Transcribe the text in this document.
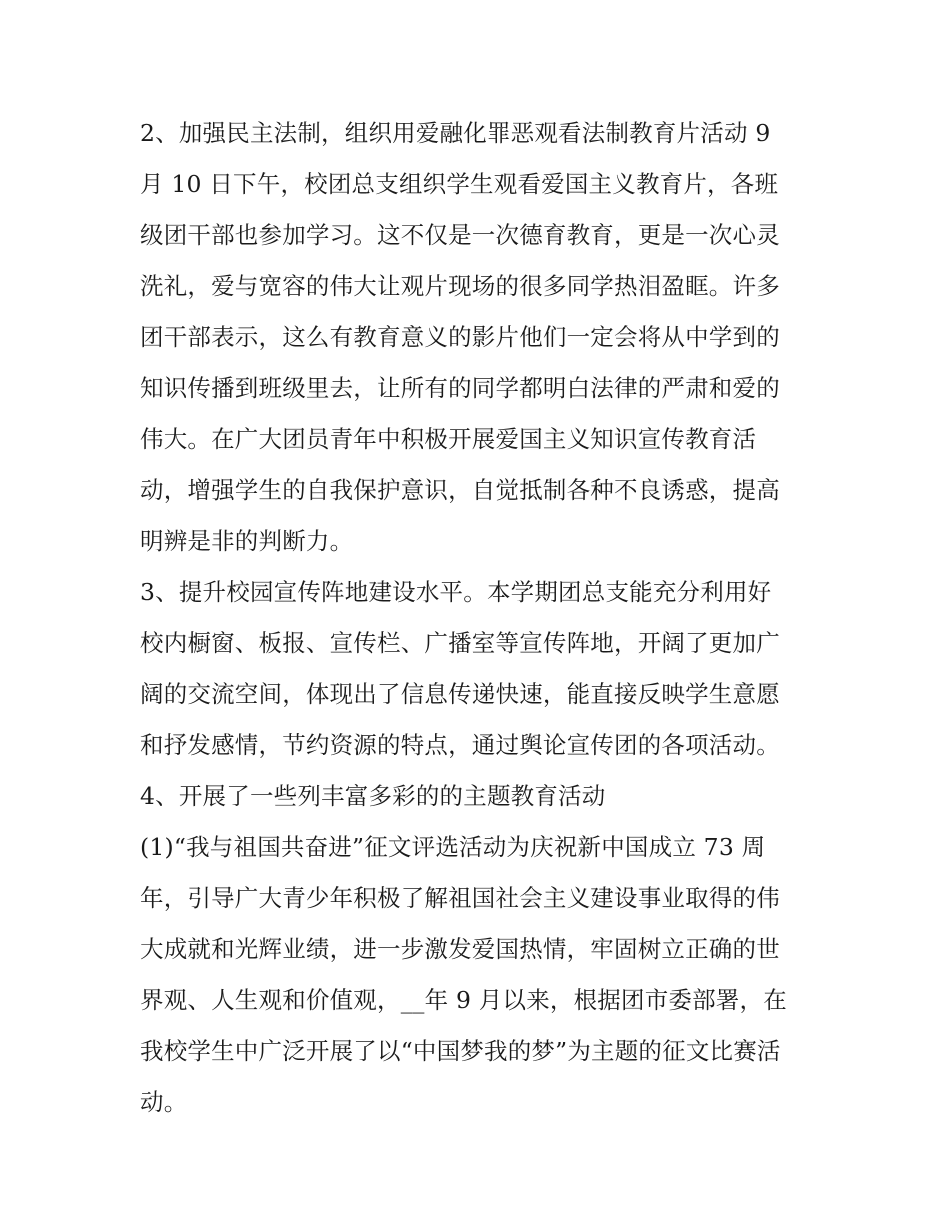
2、加强民主法制，组织用爱融化罪恶观看法制教育片活动 9
月 10 日下午，校团总支组织学生观看爱国主义教育片，各班
级团干部也参加学习。这不仅是一次德育教育，更是一次心灵
洗礼，爱与宽容的伟大让观片现场的很多同学热泪盈眶。许多
团干部表示，这么有教育意义的影片他们一定会将从中学到的
知识传播到班级里去，让所有的同学都明白法律的严肃和爱的
伟大。在广大团员青年中积极开展爱国主义知识宣传教育活
动，增强学生的自我保护意识，自觉抵制各种不良诱惑，提高
明辨是非的判断力。
3、提升校园宣传阵地建设水平。本学期团总支能充分利用好
校内橱窗、板报、宣传栏、广播室等宣传阵地，开阔了更加广
阔的交流空间，体现出了信息传递快速，能直接反映学生意愿
和抒发感情，节约资源的特点，通过舆论宣传团的各项活动。
4、开展了一些列丰富多彩的的主题教育活动
(1)“我与祖国共奋进”征文评选活动为庆祝新中国成立 73 周
年，引导广大青少年积极了解祖国社会主义建设事业取得的伟
大成就和光辉业绩，进一步激发爱国热情，牢固树立正确的世
界观、人生观和价值观，__年 9 月以来，根据团市委部署，在
我校学生中广泛开展了以“中国梦我的梦”为主题的征文比赛活
动。
